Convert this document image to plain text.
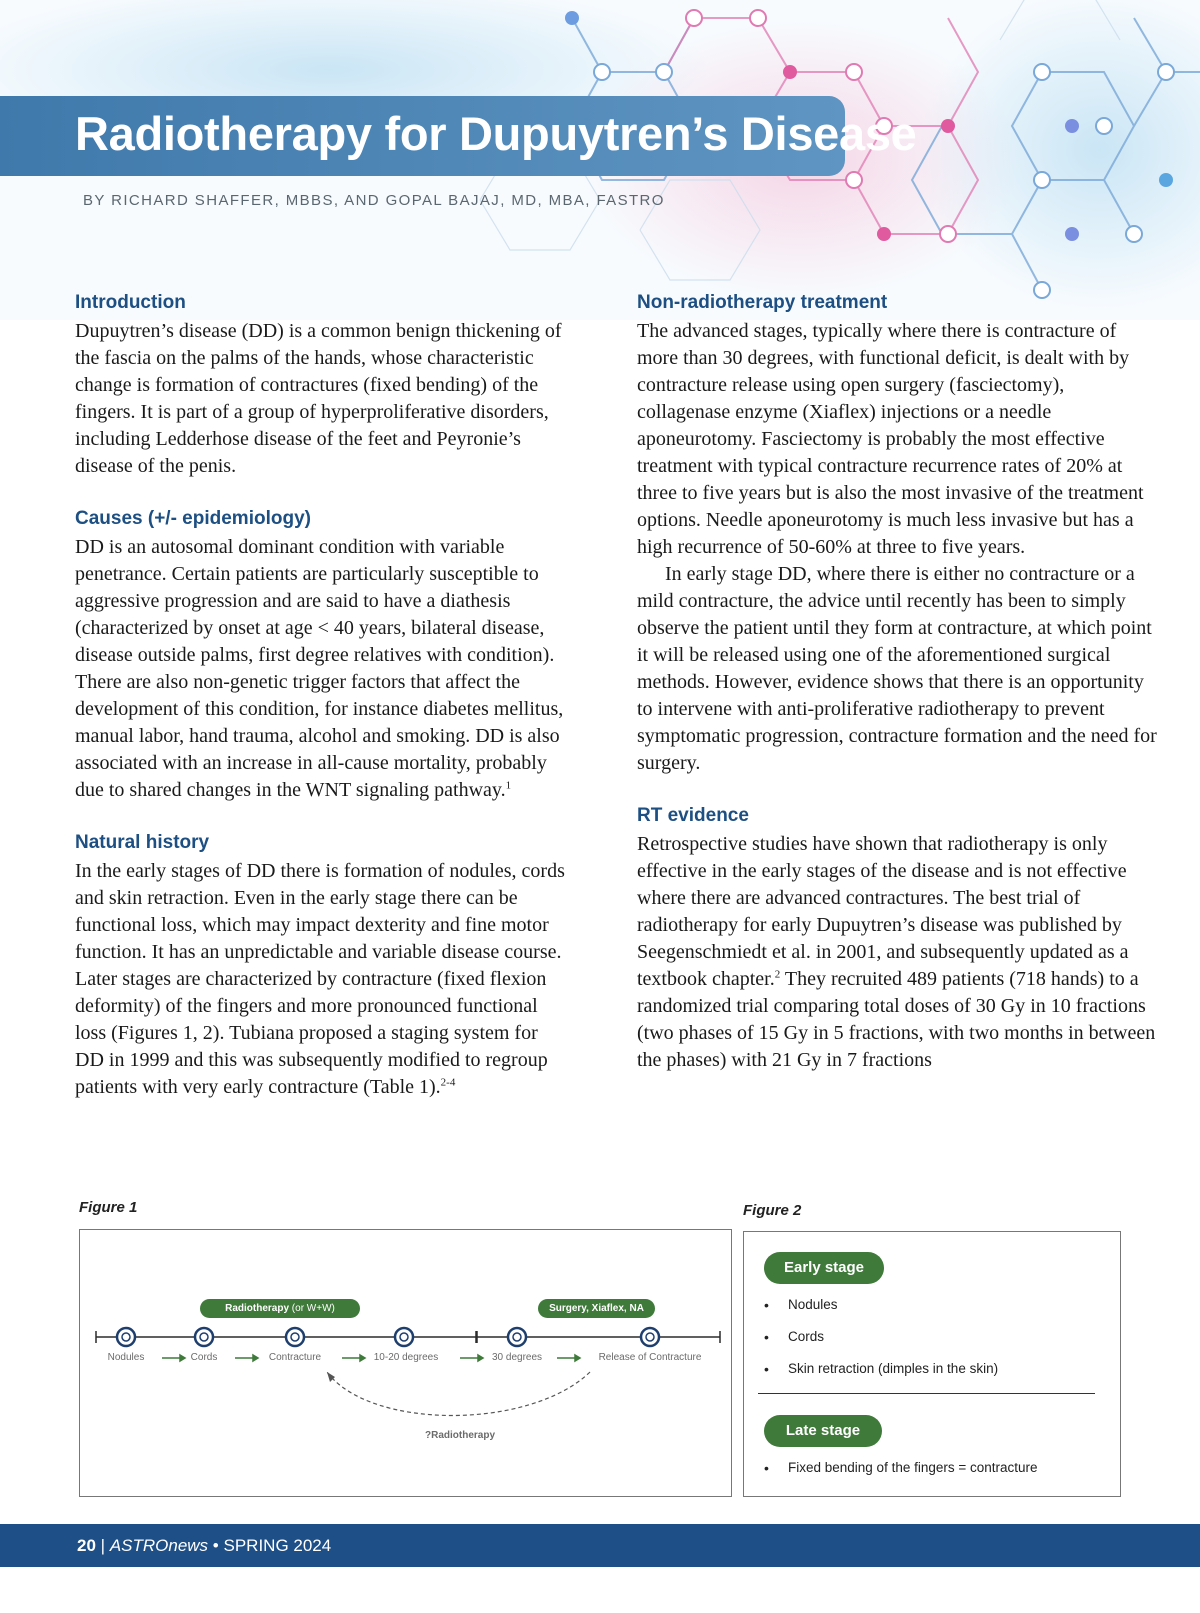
Radiotherapy for Dupuytren’s Disease
BY RICHARD SHAFFER, MBBS, AND GOPAL BAJAJ, MD, MBA, FASTRO
Introduction

Dupuytren’s disease (DD) is a common benign thickening of the fascia on the palms of the hands, whose characteristic change is formation of contractures (fixed bending) of the fingers. It is part of a group of hyperproliferative disorders, including Ledderhose disease of the feet and Peyronie’s disease of the penis.

Causes (+/- epidemiology)

DD is an autosomal dominant condition with variable penetrance. Certain patients are particularly susceptible to aggressive progression and are said to have a diathesis (characterized by onset at age < 40 years, bilateral disease, disease outside palms, first degree relatives with condition). There are also non-genetic trigger factors that affect the development of this condition, for instance diabetes mellitus, manual labor, hand trauma, alcohol and smoking. DD is also associated with an increase in all-cause mortality, probably due to shared changes in the WNT signaling pathway.$^1$

Natural history

In the early stages of DD there is formation of nodules, cords and skin retraction. Even in the early stage there can be functional loss, which may impact dexterity and fine motor function. It has an unpredictable and variable disease course. Later stages are characterized by contracture (fixed flexion deformity) of the fingers and more pronounced functional loss (Figures 1, 2). Tubiana proposed a staging system for DD in 1999 and this was subsequently modified to regroup patients with very early contracture (Table 1).$^{2-4}$

Non-radiotherapy treatment

The advanced stages, typically where there is contracture of more than 30 degrees, with functional deficit, is dealt with by contracture release using open surgery (fasciectomy), collagenase enzyme (Xiaflex) injections or a needle aponeurotomy. Fasciectomy is probably the most effective treatment with typical contracture recurrence rates of 20% at three to five years but is also the most invasive of the treatment options. Needle aponeurotomy is much less invasive but has a high recurrence of 50-60% at three to five years.

In early stage DD, where there is either no contracture or a mild contracture, the advice until recently has been to simply observe the patient until they form at contracture, at which point it will be released using one of the aforementioned surgical methods. However, evidence shows that there is an opportunity to intervene with anti-proliferative radiotherapy to prevent symptomatic progression, contracture formation and the need for surgery.

RT evidence

Retrospective studies have shown that radiotherapy is only effective in the early stages of the disease and is not effective where there are advanced contractures. The best trial of radiotherapy for early Dupuytren’s disease was published by Seegenschmiedt et al. in 2001, and subsequently updated as a textbook chapter.$^2$ They recruited 489 patients (718 hands) to a randomized trial comparing total doses of 30 Gy in 10 fractions (two phases of 15 Gy in 5 fractions, with two months in between the phases) with 21 Gy in 7 fractions

Figure 1
Radiotherapy (or W+W)	Surgery, Xiaflex, NA
Nodules	Cords	Contracture	10-20 degrees	30 degrees	Release of Contracture
?Radiotherapy
Figure 2
Early stage
• Nodules
• Cords
• Skin retraction (dimples in the skin)
Late stage
• Fixed bending of the fingers = contracture
20 | ASTROnews • SPRING 2024
